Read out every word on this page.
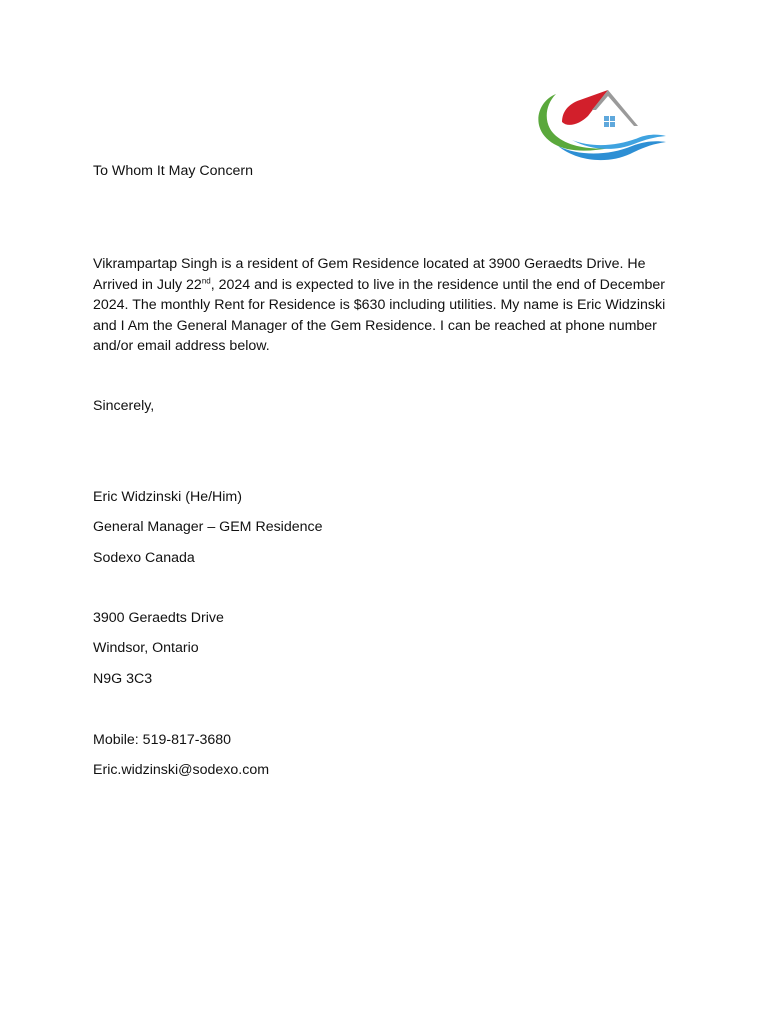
To Whom It May Concern

Vikrampartap Singh is a resident of Gem Residence located at 3900 Geraedts Drive. He Arrived in July 22nd, 2024 and is expected to live in the residence until the end of December 2024. The monthly Rent for Residence is $630 including utilities. My name is Eric Widzinski and I Am the General Manager of the Gem Residence. I can be reached at phone number and/or email address below.

Sincerely,

Eric Widzinski (He/Him)

General Manager – GEM Residence

Sodexo Canada

3900 Geraedts Drive

Windsor, Ontario

N9G 3C3

Mobile: 519-817-3680

Eric.widzinski@sodexo.com
